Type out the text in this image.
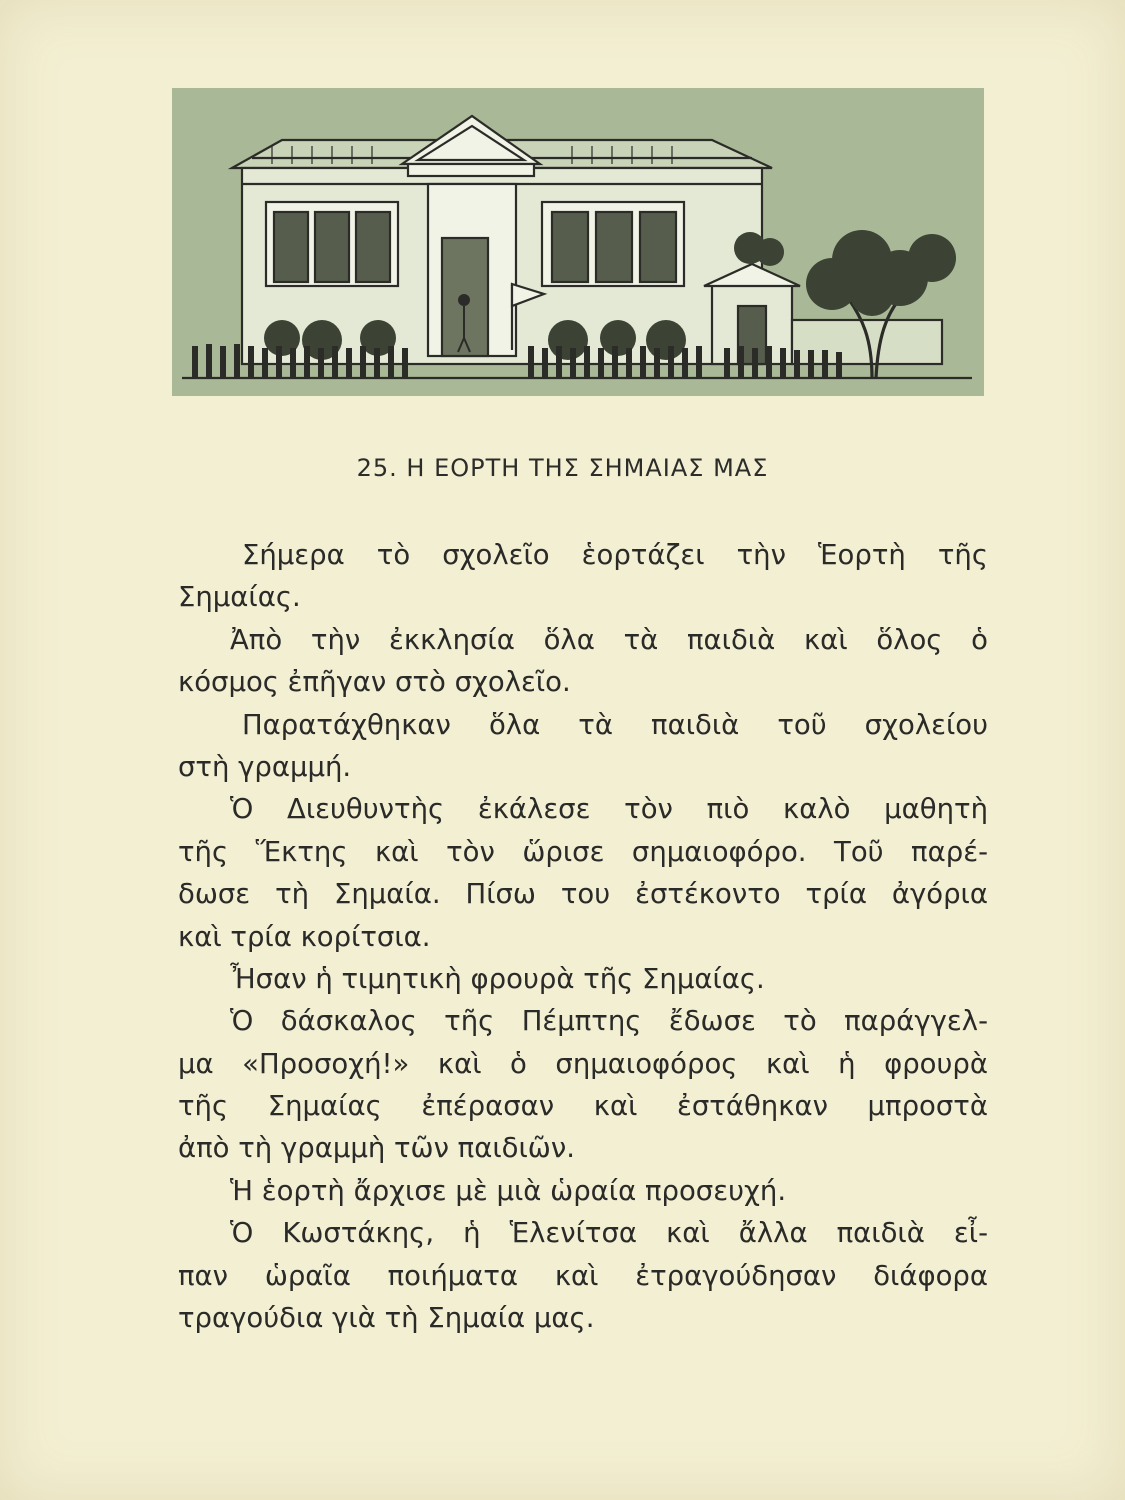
25. Η ΕΟΡΤΗ ΤΗΣ ΣΗΜΑΙΑΣ ΜΑΣ
Σήμερα τὸ σχολεῖο ἑορτάζει τὴν Ἑορτὴ τῆς
Σημαίας.
Ἀπὸ τὴν ἐκκλησία ὅλα τὰ παιδιὰ καὶ ὅλος ὁ
κόσμος ἐπῆγαν στὸ σχολεῖο.
Παρατάχθηκαν ὅλα τὰ παιδιὰ τοῦ σχολείου
στὴ γραμμή.
Ὁ Διευθυντὴς ἐκάλεσε τὸν πιὸ καλὸ μαθητὴ
τῆς Ἕκτης καὶ τὸν ὥρισε σημαιοφόρο. Τοῦ παρέ-
δωσε τὴ Σημαία. Πίσω του ἐστέκοντο τρία ἀγόρια
καὶ τρία κορίτσια.
Ἦσαν ἡ τιμητικὴ φρουρὰ τῆς Σημαίας.
Ὁ δάσκαλος τῆς Πέμπτης ἔδωσε τὸ παράγγελ-
μα «Προσοχή!» καὶ ὁ σημαιοφόρος καὶ ἡ φρουρὰ
τῆς Σημαίας ἐπέρασαν καὶ ἐστάθηκαν μπροστὰ
ἀπὸ τὴ γραμμὴ τῶν παιδιῶν.
Ἡ ἑορτὴ ἄρχισε μὲ μιὰ ὡραία προσευχή.
Ὁ Κωστάκης, ἡ Ἑλενίτσα καὶ ἄλλα παιδιὰ εἶ-
παν ὡραῖα ποιήματα καὶ ἐτραγούδησαν διάφορα
τραγούδια γιὰ τὴ Σημαία μας.
